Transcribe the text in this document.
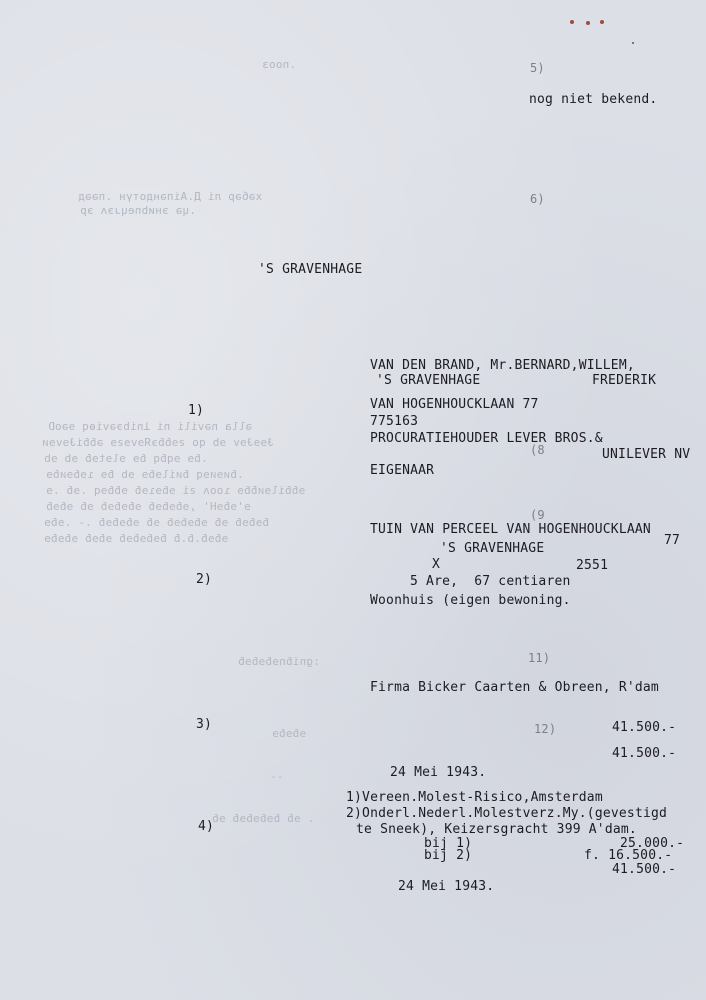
.nooз
хәбәр лі Д.Аіпәндотүн .пәәд
.ɥə эниbneɥɹэʌ эp
əlla nəvili ni Ʇnibэәviөq ɘǝoD
ɈɘɘɈɘv ɘb qo ƨɘɓɓэЯɘvɘƨɘ əɓɓiɈɘvɘᴎ
.ɓɘ ɘqɓq ɓɘ ɘlɘtɘɓ ɘb ɘb
.ɓᴎɘᴎɘq ɓᴎilɘɓɘ ɘb ɓɘ ɿɘɓɘᴎɓɘ
ɘɓɓilɘᴎɓɓɘ ɿooʌ ƨi ɘɓɘɿɘɓ ɘɓɓɘq .ɘɓ .ɘ
ɘ'ɘɓɘH' ,ɘɓɘɓɘɓ ɘɓɘɓɘɓ ɘɓ ɘɓɘɓ
ɓɘɓɘɓ ɘɓ ɘɓɘɓɘɓ ɘɓ ɘɓɘɓɘɓ .- .ɘɓɘ
ɘɓɘɓ.ɓ.ɓ ɓɘɓɘɓɘɓ ɘɓɘɓ ɘɓɘɓɘ
:gniɓnɘɓɘɓɘɓ
ɘɓɘɓɘ
--
. ɘɓ ɓɘɓɘɓɘɓ ɘɓ
5)
6)
(8
(9
11)
12)
nog niet bekend.
'S GRAVENHAGE
1)
2)
3)
4)
VAN DEN BRAND, Mr.BERNARD,WILLEM,
'S GRAVENHAGE	FREDERIK
VAN HOGENHOUCKLAAN 77
775163
PROCURATIEHOUDER LEVER BROS.&
UNILEVER NV
EIGENAAR
TUIN VAN PERCEEL VAN HOGENHOUCKLAAN
77
'S GRAVENHAGE
X	2551
5 Are,  67 centiaren
Woonhuis (eigen bewoning.
Firma Bicker Caarten & Obreen, R'dam
41.500.-
41.500.-
24 Mei 1943.
1)Vereen.Molest-Risico,Amsterdam
2)Onderl.Nederl.Molestverz.My.(gevestigd
te Sneek), Keizersgracht 399 A'dam.
bij 1)	25.000.-
bij 2)	f. 16.500.-
41.500.-
24 Mei 1943.
